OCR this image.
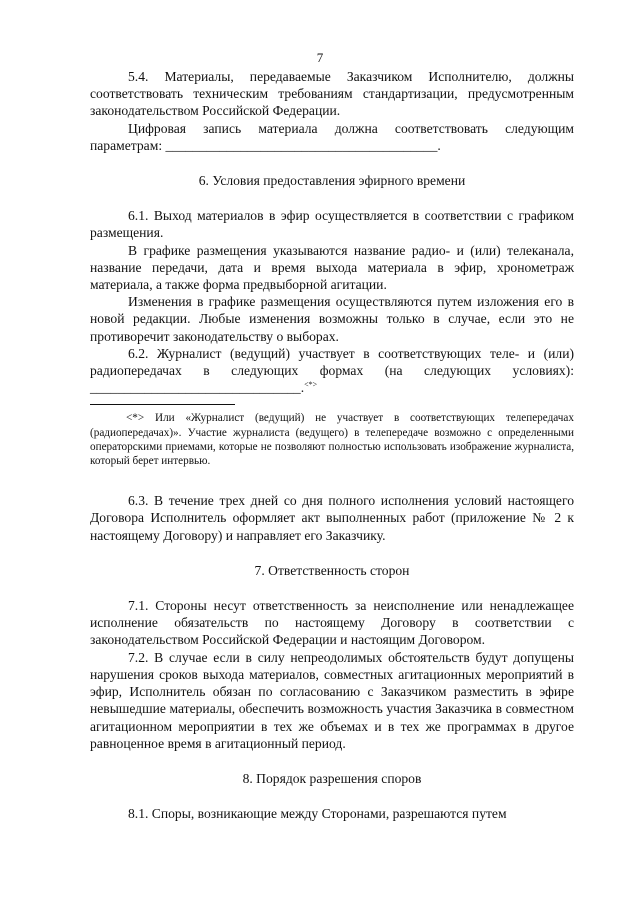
7

5.4. Материалы, передаваемые Заказчиком Исполнителю, должны соответствовать техническим требованиям стандартизации, предусмотренным законодательством Российской Федерации.

Цифровая запись материала должна соответствовать следующим параметрам: ________________________________________.

6. Условия предоставления эфирного времени

6.1. Выход материалов в эфир осуществляется в соответствии с графиком размещения.

В графике размещения указываются название радио- и (или) телеканала, название передачи, дата и время выхода материала в эфир, хронометраж материала, а также форма предвыборной агитации.

Изменения в графике размещения осуществляются путем изложения его в новой редакции. Любые изменения возможны только в случае, если это не противоречит законодательству о выборах.

6.2. Журналист (ведущий) участвует в соответствующих теле- и (или) радиопередачах в следующих формах (на следующих условиях): _______________________________.<*>

<*> Или «Журналист (ведущий) не участвует в соответствующих телепередачах (радиопередачах)». Участие журналиста (ведущего) в телепередаче возможно с определенными операторскими приемами, которые не позволяют полностью использовать изображение журналиста, который берет интервью.

6.3. В течение трех дней со дня полного исполнения условий настоящего Договора Исполнитель оформляет акт выполненных работ (приложение № 2 к настоящему Договору) и направляет его Заказчику.

7. Ответственность сторон

7.1. Стороны несут ответственность за неисполнение или ненадлежащее исполнение обязательств по настоящему Договору в соответствии с законодательством Российской Федерации и настоящим Договором.

7.2. В случае если в силу непреодолимых обстоятельств будут допущены нарушения сроков выхода материалов, совместных агитационных мероприятий в эфир, Исполнитель обязан по согласованию с Заказчиком разместить в эфире невышедшие материалы, обеспечить возможность участия Заказчика в совместном агитационном мероприятии в тех же объемах и в тех же программах в другое равноценное время в агитационный период.

8. Порядок разрешения споров

8.1. Споры, возникающие между Сторонами, разрешаются путем
